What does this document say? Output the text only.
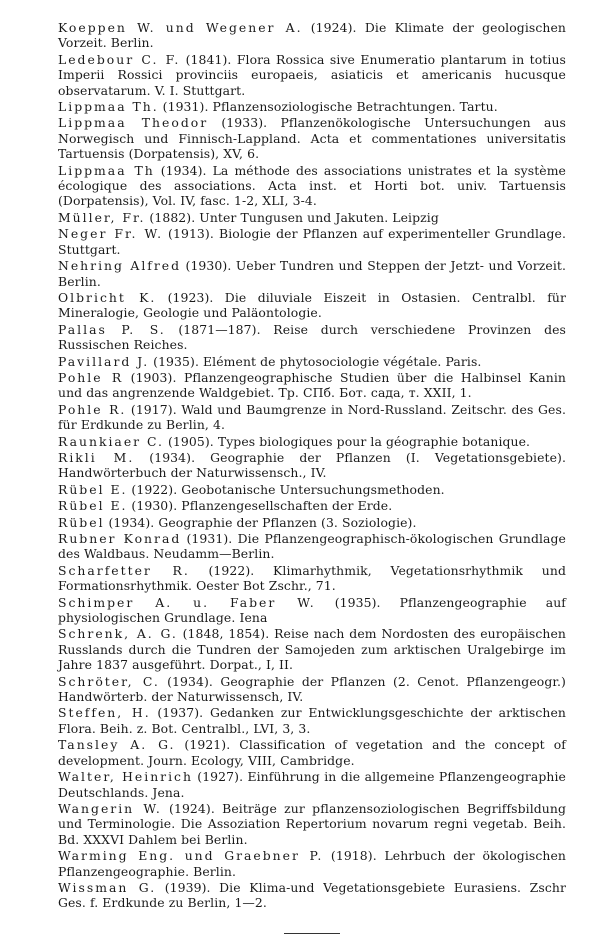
Koeppen W. und Wegener A. (1924). Die Klimate der geologischen Vorzeit. Berlin.
Ledebour C. F. (1841). Flora Rossica sive Enumeratio plantarum in totius Imperii Rossici provinciis europaeis, asiaticis et americanis hucusque observatarum. V. I. Stuttgart.
Lippmaa Th. (1931). Pflanzensoziologische Betrachtungen. Tartu.
Lippmaa Theodor (1933). Pflanzenökologische Untersuchungen aus Norwegisch und Finnisch-Lappland. Acta et commentationes universitatis Tartuensis (Dorpatensis), XV, 6.
Lippmaa Th (1934). La méthode des associations unistrates et la système écologique des associations. Acta inst. et Horti bot. univ. Tartuensis (Dorpatensis), Vol. IV, fasc. 1-2, XLI, 3-4.
Müller, Fr. (1882). Unter Tungusen und Jakuten. Leipzig
Neger Fr. W. (1913). Biologie der Pflanzen auf experimenteller Grundlage. Stuttgart.
Nehring Alfred (1930). Ueber Tundren und Steppen der Jetzt- und Vorzeit. Berlin.
Olbricht K. (1923). Die diluviale Eiszeit in Ostasien. Centralbl. für Mineralogie, Geologie und Paläontologie.
Pallas P. S. (1871—187). Reise durch verschiedene Provinzen des Russischen Reiches.
Pavillard J. (1935). Elément de phytosociologie végétale. Paris.
Pohle R (1903). Pflanzengeographische Studien über die Halbinsel Kanin und das angrenzende Waldgebiet. Тр. СПб. Бот. сада, т. XXII, 1.
Pohle R. (1917). Wald und Baumgrenze in Nord-Russland. Zeitschr. des Ges. für Erdkunde zu Berlin, 4.
Raunkiaer C. (1905). Types biologiques pour la géographie botanique.
Rikli M. (1934). Geographie der Pflanzen (I. Vegetationsgebiete). Handwörterbuch der Naturwissensch., IV.
Rübel E. (1922). Geobotanische Untersuchungsmethoden.
Rübel E. (1930). Pflanzengesellschaften der Erde.
Rübel (1934). Geographie der Pflanzen (3. Soziologie).
Rubner Konrad (1931). Die Pflanzengeographisch-ökologischen Grundlage des Waldbaus. Neudamm—Berlin.
Scharfetter R. (1922). Klimarhythmik, Vegetationsrhythmik und Formationsrhythmik. Oester Bot Zschr., 71.
Schimper A. u. Faber W. (1935). Pflanzengeographie auf physiologischen Grundlage. Iena
Schrenk, A. G. (1848, 1854). Reise nach dem Nordosten des europäischen Russlands durch die Tundren der Samojeden zum arktischen Uralgebirge im Jahre 1837 ausgeführt. Dorpat., I, II.
Schröter, C. (1934). Geographie der Pflanzen (2. Cenot. Pflanzengeogr.) Handwörterb. der Naturwissensch, IV.
Steffen, H. (1937). Gedanken zur Entwicklungsgeschichte der arktischen Flora. Beih. z. Bot. Centralbl., LVI, 3, 3.
Tansley A. G. (1921). Classification of vegetation and the concept of development. Journ. Ecology, VIII, Cambridge.
Walter, Heinrich (1927). Einführung in die allgemeine Pflanzengeographie Deutschlands. Jena.
Wangerin W. (1924). Beiträge zur pflanzensoziologischen Begriffsbildung und Terminologie. Die Assoziation Repertorium novarum regni vegetab. Beih. Bd. XXXVI Dahlem bei Berlin.
Warming Eng. und Graebner P. (1918). Lehrbuch der ökologischen Pflanzengeographie. Berlin.
Wissman G. (1939). Die Klima-und Vegetationsgebiete Eurasiens. Zschr Ges. f. Erdkunde zu Berlin, 1—2.
